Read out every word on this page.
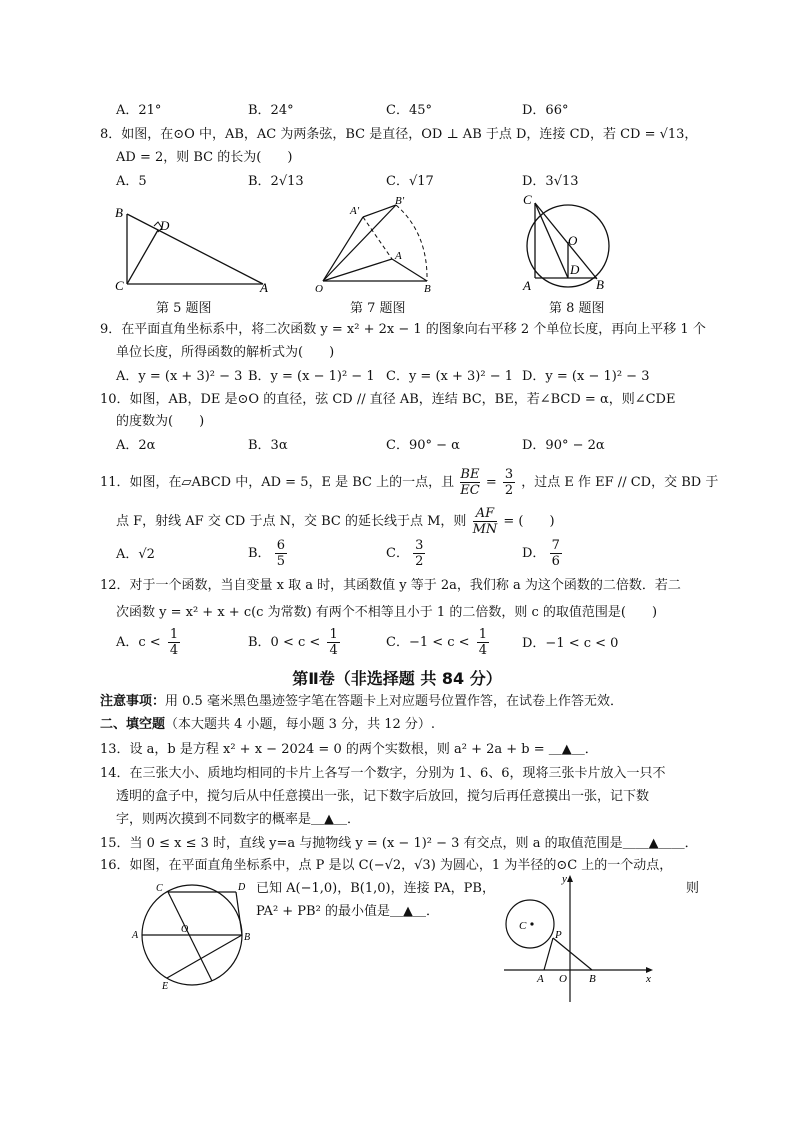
A．21°	B．24°	C．45°	D．66°
8．如图，在⊙O 中，AB，AC 为两条弦，BC 是直径，OD ⊥ AB 于点 D，连接 CD，若 CD = √13，
AD = 2，则 BC 的长为(　　)
A．5	B．2√13	C．√17	D．3√13
B
D
C	A
第 5 题图
A'
B'
A
O	B
第 7 题图
C
O
D
A	B
第 8 题图
9．在平面直角坐标系中，将二次函数 y = x² + 2x − 1 的图象向右平移 2 个单位长度，再向上平移 1 个
单位长度，所得函数的解析式为(　　)
A．y = (x + 3)² − 3 B．y = (x − 1)² − 1 C．y = (x + 3)² − 1 D．y = (x − 1)² − 3
10．如图，AB，DE 是⊙O 的直径，弦 CD // 直径 AB，连结 BC，BE，若∠BCD = α，则∠CDE
的度数为(　　)
A．2α	B．3α	C．90° − α	D．90° − 2α
11．如图，在▱ABCD 中，AD = 5，E 是 BC 上的一点，且 $\frac{BE}{EC} = \frac{3}{2}$ ，过点 E 作 EF // CD，交 BD 于
点 F，射线 AF 交 CD 于点 N，交 BC 的延长线于点 M，则 $\frac{AF}{MN}$ = (　　)
A．√2	B． $\frac{6}{5}$	C． $\frac{3}{2}$	D． $\frac{7}{6}$
12．对于一个函数，当自变量 x 取 a 时，其函数值 y 等于 2a，我们称 a 为这个函数的二倍数．若二
次函数 y = x² + x + c(c 为常数) 有两个不相等且小于 1 的二倍数，则 c 的取值范围是(　　)
A．$c < \frac{1}{4}$	B．$0 < c < \frac{1}{4}$	C．$-1 < c < \frac{1}{4}$	D．−1 < c < 0
第Ⅱ卷（非选择题 共 84 分）
注意事项：用 0.5 毫米黑色墨迹签字笔在答题卡上对应题号位置作答，在试卷上作答无效．
二、填空题（本大题共 4 小题，每小题 3 分，共 12 分）.
13．设 a，b 是方程 x² + x − 2024 = 0 的两个实数根，则 a² + 2a + b = ＿▲＿．
14．在三张大小、质地均相同的卡片上各写一个数字，分别为 1、6、6，现将三张卡片放入一只不
透明的盒子中，搅匀后从中任意摸出一张，记下数字后放回，搅匀后再任意摸出一张，记下数
字，则两次摸到不同数字的概率是＿▲＿．
15．当 0 ≤ x ≤ 3 时，直线 y=a 与抛物线 y = (x − 1)² − 3 有交点，则 a 的取值范围是＿＿▲＿＿．
16．如图，在平面直角坐标系中，点 P 是以 C(−√2，√3) 为圆心，1 为半径的⊙C 上的一个动点，
已知 A(−1,0)，B(1,0)，连接 PA，PB，	则
PA² + PB² 的最小值是＿▲＿．
C	D
A
O
B
E
y
x
C
P
A O B
